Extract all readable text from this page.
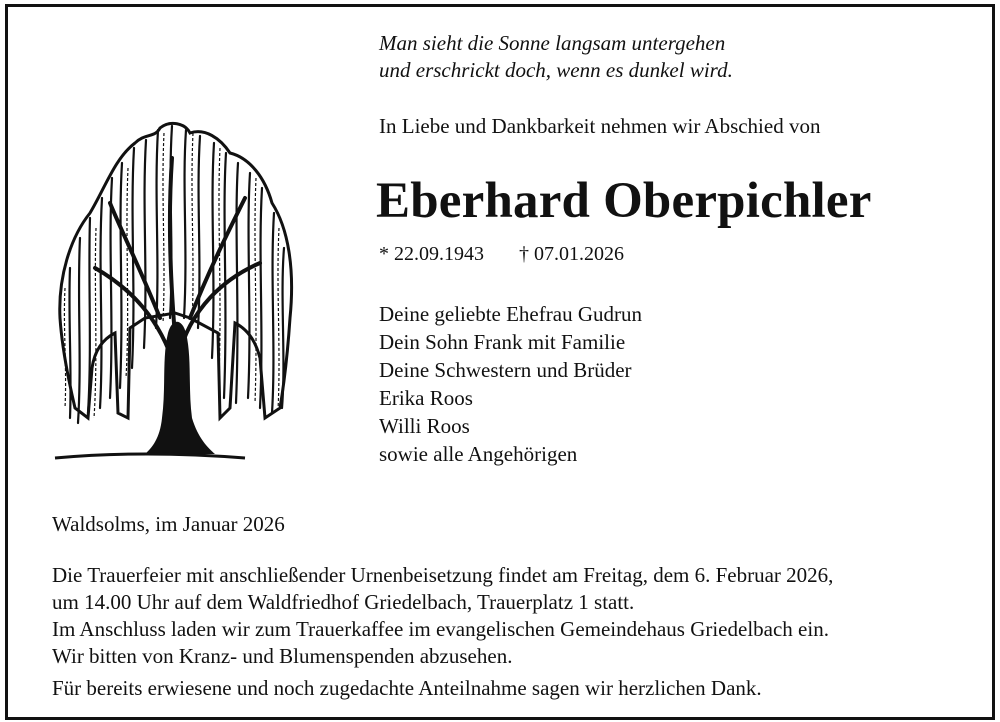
Man sieht die Sonne langsam untergehen
und erschrickt doch, wenn es dunkel wird.
In Liebe und Dankbarkeit nehmen wir Abschied von
Eberhard Oberpichler
* 22.09.1943 † 07.01.2026
Deine geliebte Ehefrau Gudrun
Dein Sohn Frank mit Familie
Deine Schwestern und Brüder
Erika Roos
Willi Roos
sowie alle Angehörigen
Waldsolms, im Januar 2026
Die Trauerfeier mit anschließender Urnenbeisetzung findet am Freitag, dem 6. Februar 2026,
um 14.00 Uhr auf dem Waldfriedhof Griedelbach, Trauerplatz 1 statt.
Im Anschluss laden wir zum Trauerkaffee im evangelischen Gemeindehaus Griedelbach ein.
Wir bitten von Kranz- und Blumenspenden abzusehen.
Für bereits erwiesene und noch zugedachte Anteilnahme sagen wir herzlichen Dank.
